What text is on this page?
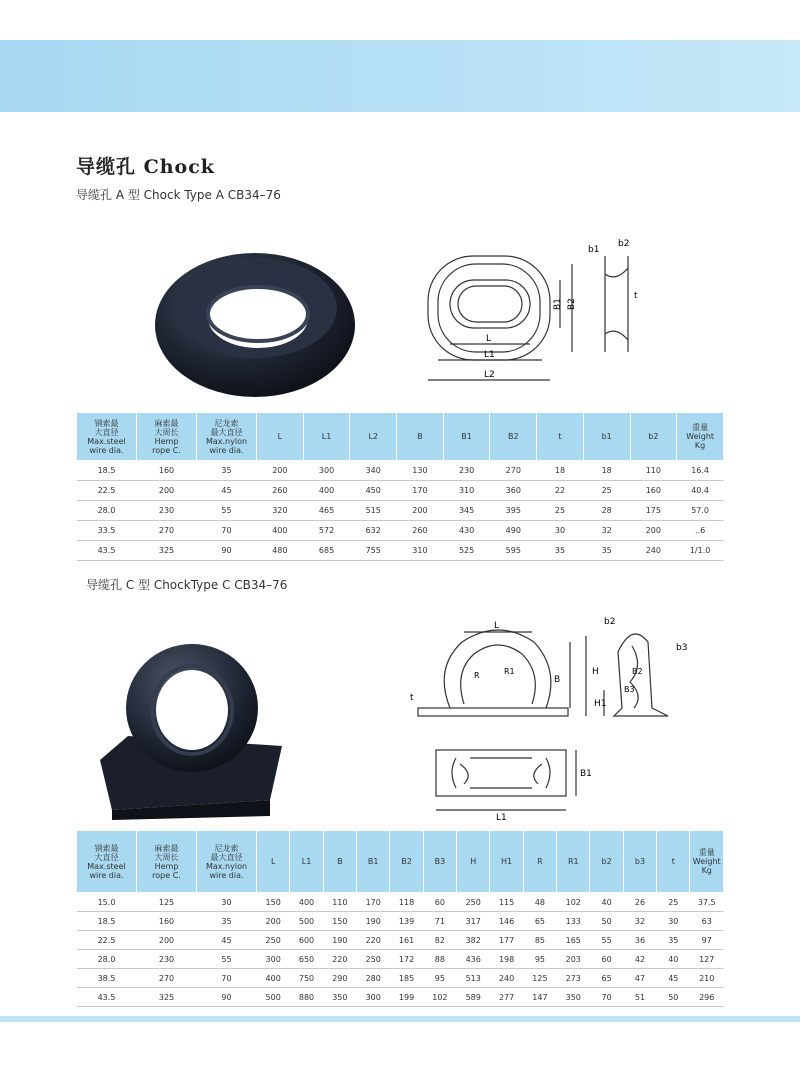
导缆孔 Chock
导缆孔 A 型 Chock Type A CB34–76
b1
b2
B1 B2
t
L
L1
L2
钢索最
大直径
Max.steel
wire dia.	麻索最
大周长
Hemp
rope C.	尼龙索
最大直径
Max.nylon
wire dia.	L	L1	L2	B	B1	B2	t	b1	b2	重量
Weight
Kg
18.5	160	35	200	300	340	130	230	270	18	18	110	16.4
22.5	200	45	260	400	450	170	310	360	22	25	160	40.4
28.0	230	55	320	465	515	200	345	395	25	28	175	57.0
33.5	270	70	400	572	632	260	430	490	30	32	200	..6
43.5	325	90	480	685	755	310	525	595	35	35	240	1/1.0
导缆孔 C 型 ChockType C CB34–76
L
B
H
H1
t
R	R1
b2
b3
B2
B3
B1
L1
钢索最
大直径
Max.steel
wire dia.	麻索最
大周长
Hemp
rope C.	尼龙索
最大直径
Max.nylon
wire dia.	L	L1	B	B1	B2	B3	H	H1	R	R1	b2	b3	t	重量
Weight
Kg
15.0	125	30	150	400	110	170	118	60	250	115	48	102	40	26	25	37.5
18.5	160	35	200	500	150	190	139	71	317	146	65	133	50	32	30	63
22.5	200	45	250	600	190	220	161	82	382	177	85	165	55	36	35	97
28.0	230	55	300	650	220	250	172	88	436	198	95	203	60	42	40	127
38.5	270	70	400	750	290	280	185	95	513	240	125	273	65	47	45	210
43.5	325	90	500	880	350	300	199	102	589	277	147	350	70	51	50	296
